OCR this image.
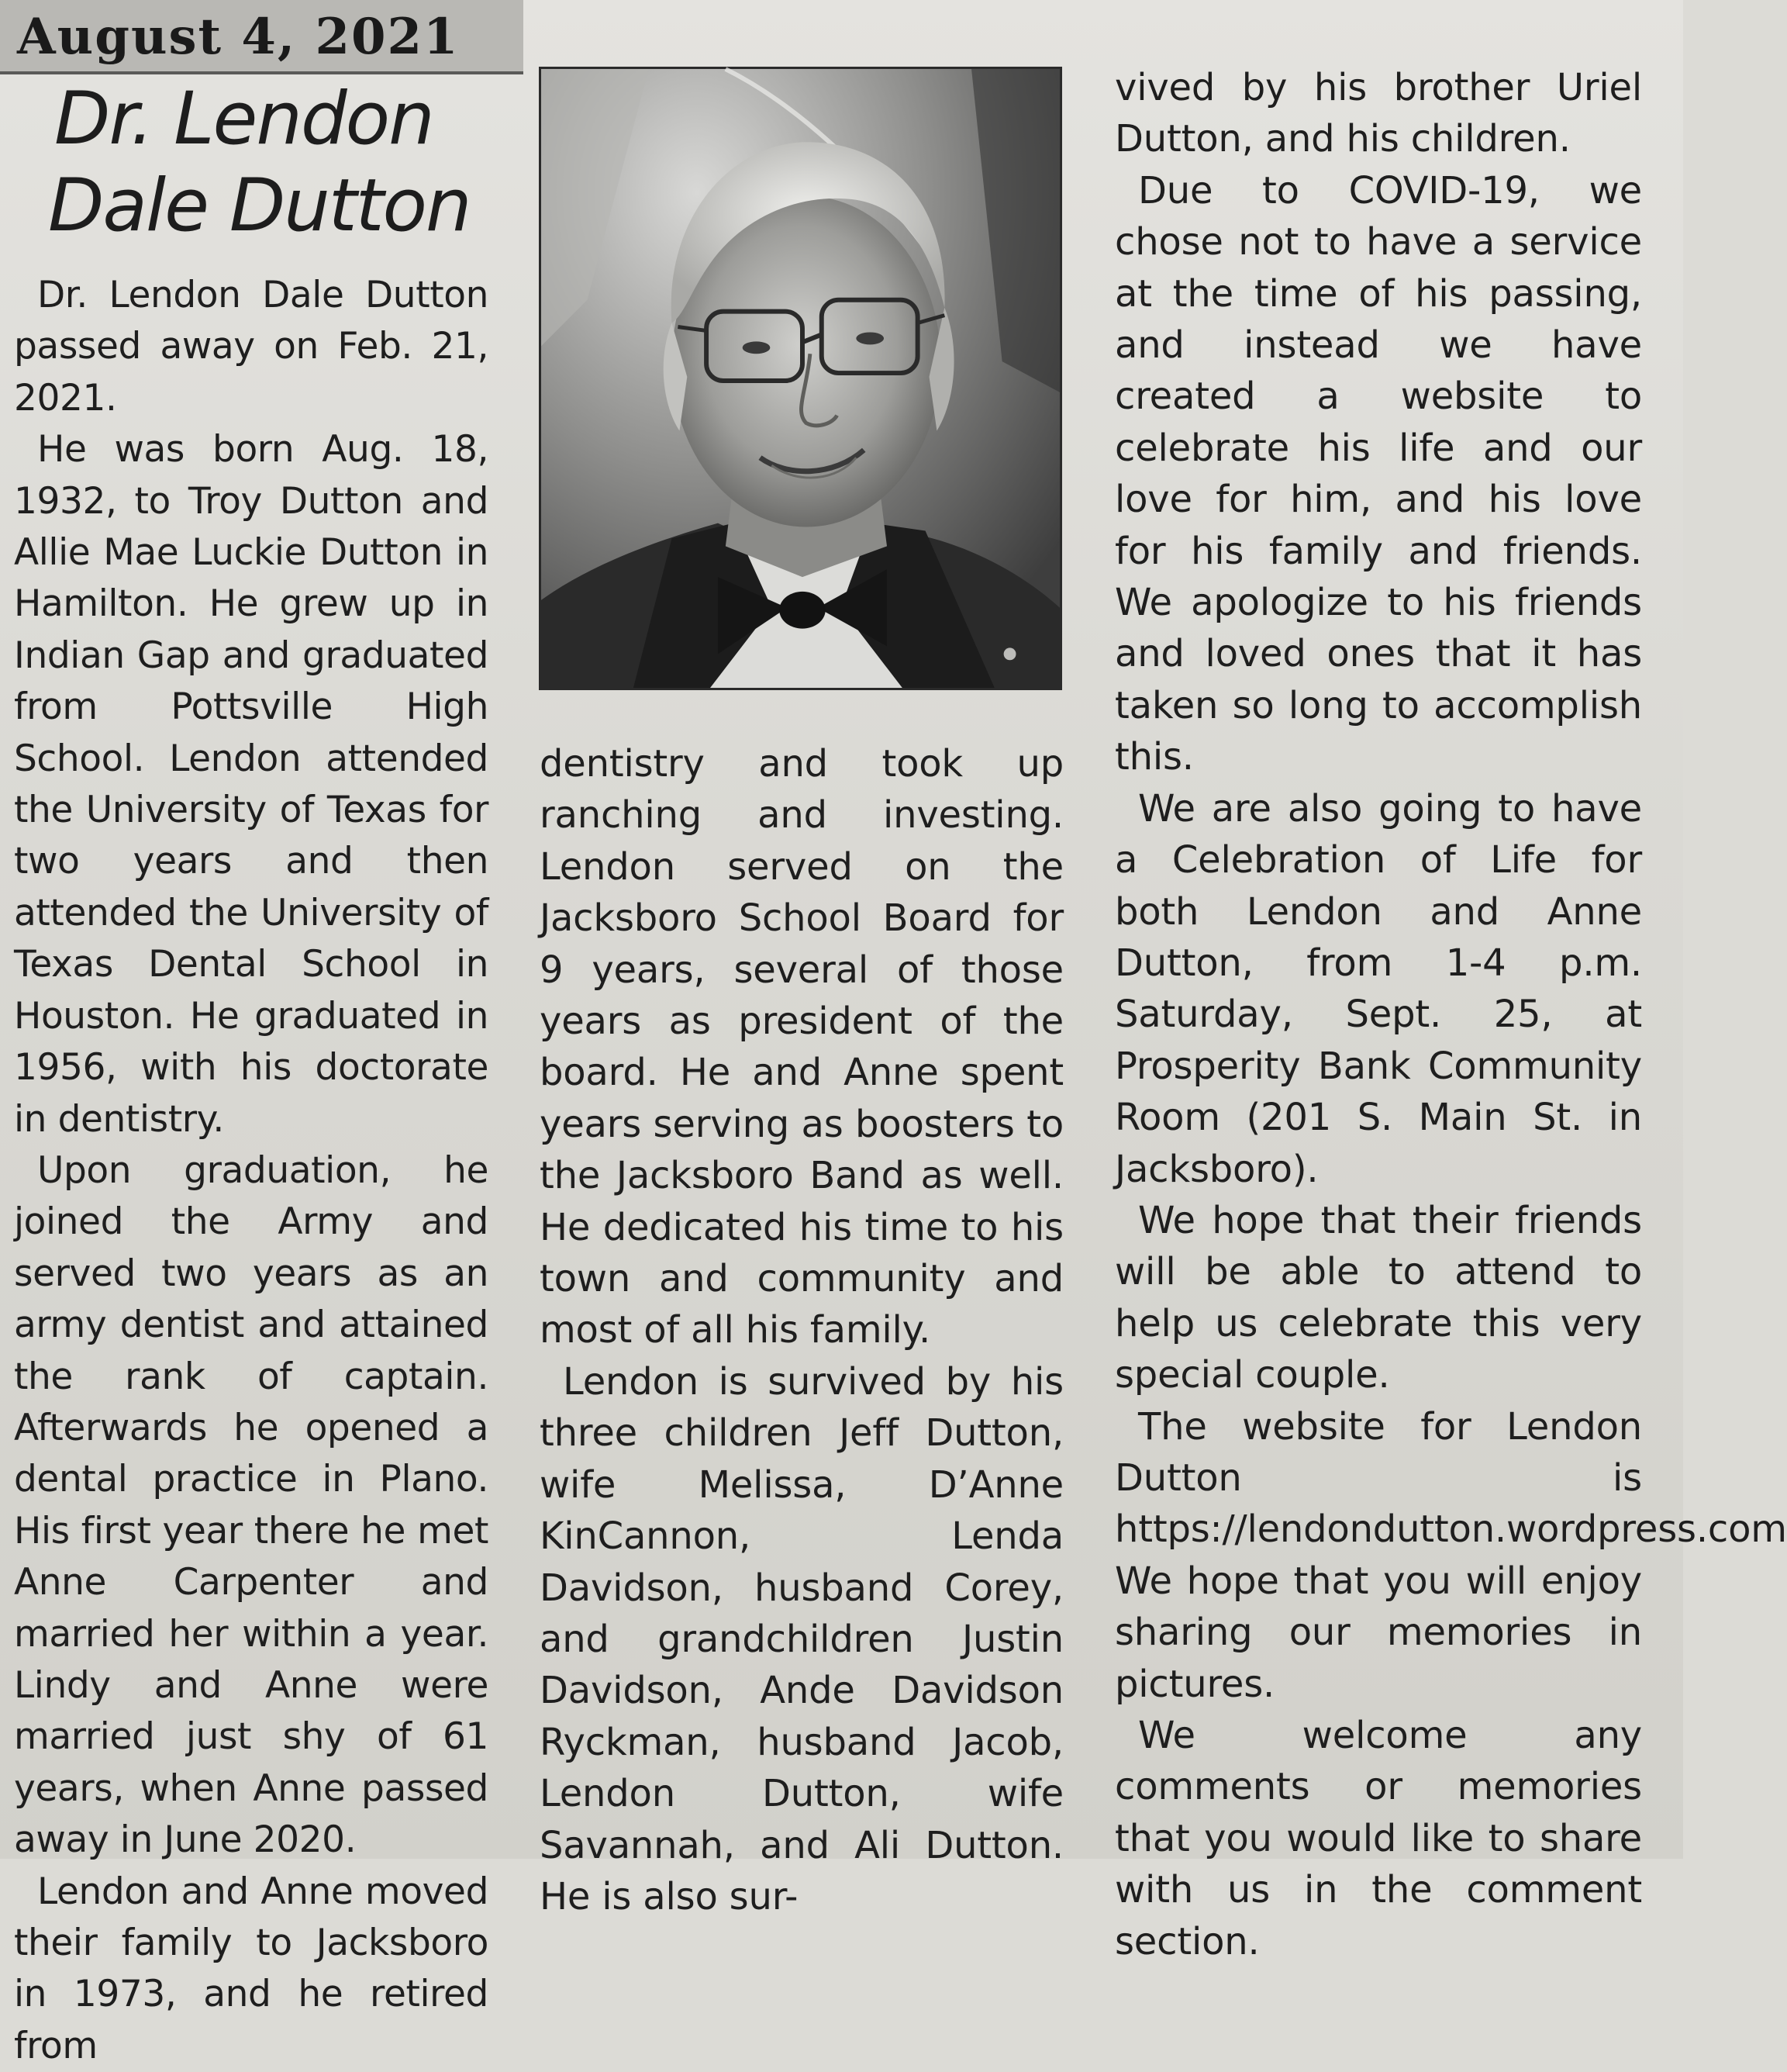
August 4, 2021
Dr. Lendon
Dale Dutton

Dr. Lendon Dale Dutton passed away on Feb. 21, 2021.

He was born Aug. 18, 1932, to Troy Dutton and Allie Mae Luckie Dutton in Hamilton. He grew up in Indian Gap and graduated from Pottsville High School. Lendon attended the University of Texas for two years and then attended the University of Texas Dental School in Houston. He graduated in 1956, with his doctorate in dentistry.

Upon graduation, he joined the Army and served two years as an army dentist and attained the rank of captain. Afterwards he opened a dental practice in Plano. His first year there he met Anne Carpenter and married her within a year. Lindy and Anne were married just shy of 61 years, when Anne passed away in June 2020.

Lendon and Anne moved their family to Jacksboro in 1973, and he retired from

dentistry and took up ranching and investing. Lendon served on the Jacksboro School Board for 9 years, several of those years as president of the board. He and Anne spent years serving as boosters to the Jacksboro Band as well. He dedicated his time to his town and community and most of all his family.

Lendon is survived by his three children Jeff Dutton, wife Melissa, D’Anne KinCannon, Lenda Davidson, husband Corey, and grandchildren Justin Davidson, Ande Davidson Ryckman, husband Jacob, Lendon Dutton, wife Savannah, and Ali Dutton. He is also sur-

vived by his brother Uriel Dutton, and his children.

Due to COVID-19, we chose not to have a service at the time of his passing, and instead we have created a website to celebrate his life and our love for him, and his love for his family and friends. We apologize to his friends and loved ones that it has taken so long to accomplish this.

We are also going to have a Celebration of Life for both Lendon and Anne Dutton, from 1-4 p.m. Saturday, Sept. 25, at Prosperity Bank Community Room (201 S. Main St. in Jacksboro).

We hope that their friends will be able to attend to help us celebrate this very special couple.

The website for Lendon Dutton is https://lendondutton.wordpress.com We hope that you will enjoy sharing our memories in pictures.

We welcome any comments or memories that you would like to share with us in the comment section.
